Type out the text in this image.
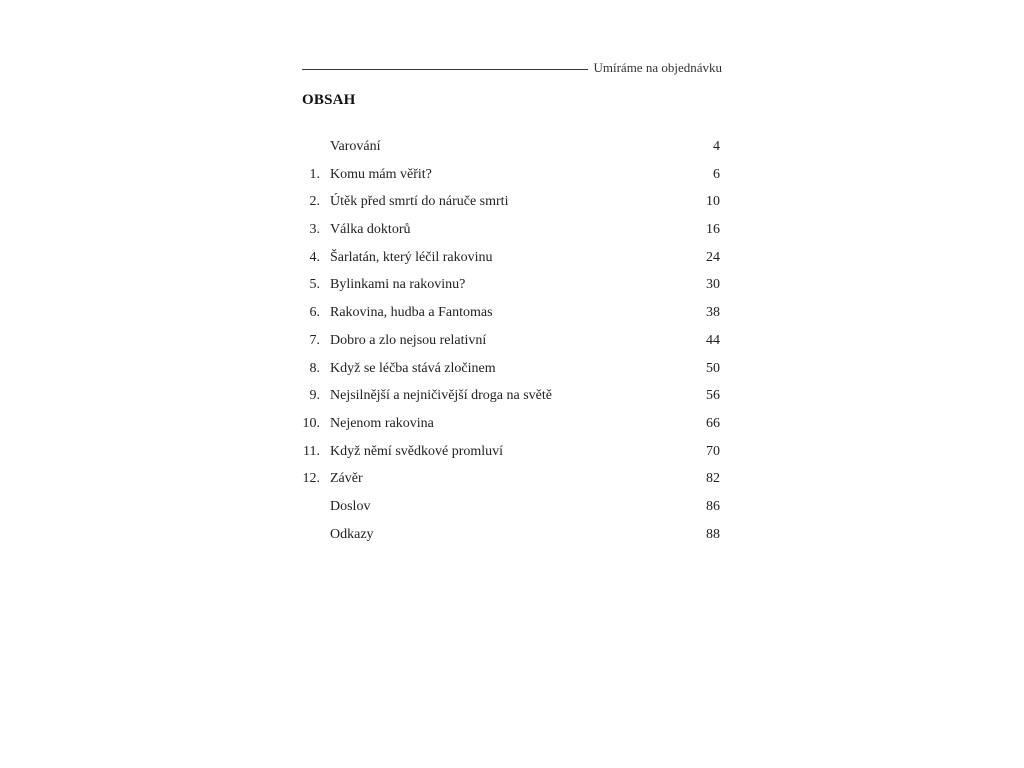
Umíráme na objednávku
OBSAH
Varování	4
1. Komu mám věřit?	6
2. Útěk před smrtí do náruče smrti	10
3. Válka doktorů	16
4. Šarlatán, který léčil rakovinu	24
5. Bylinkami na rakovinu?	30
6. Rakovina, hudba a Fantomas	38
7. Dobro a zlo nejsou relativní	44
8. Když se léčba stává zločinem	50
9. Nejsilnější a nejničivější droga na světě	56
10. Nejenom rakovina	66
11. Když němí svědkové promluví	70
12. Závěr	82
Doslov	86
Odkazy	88
